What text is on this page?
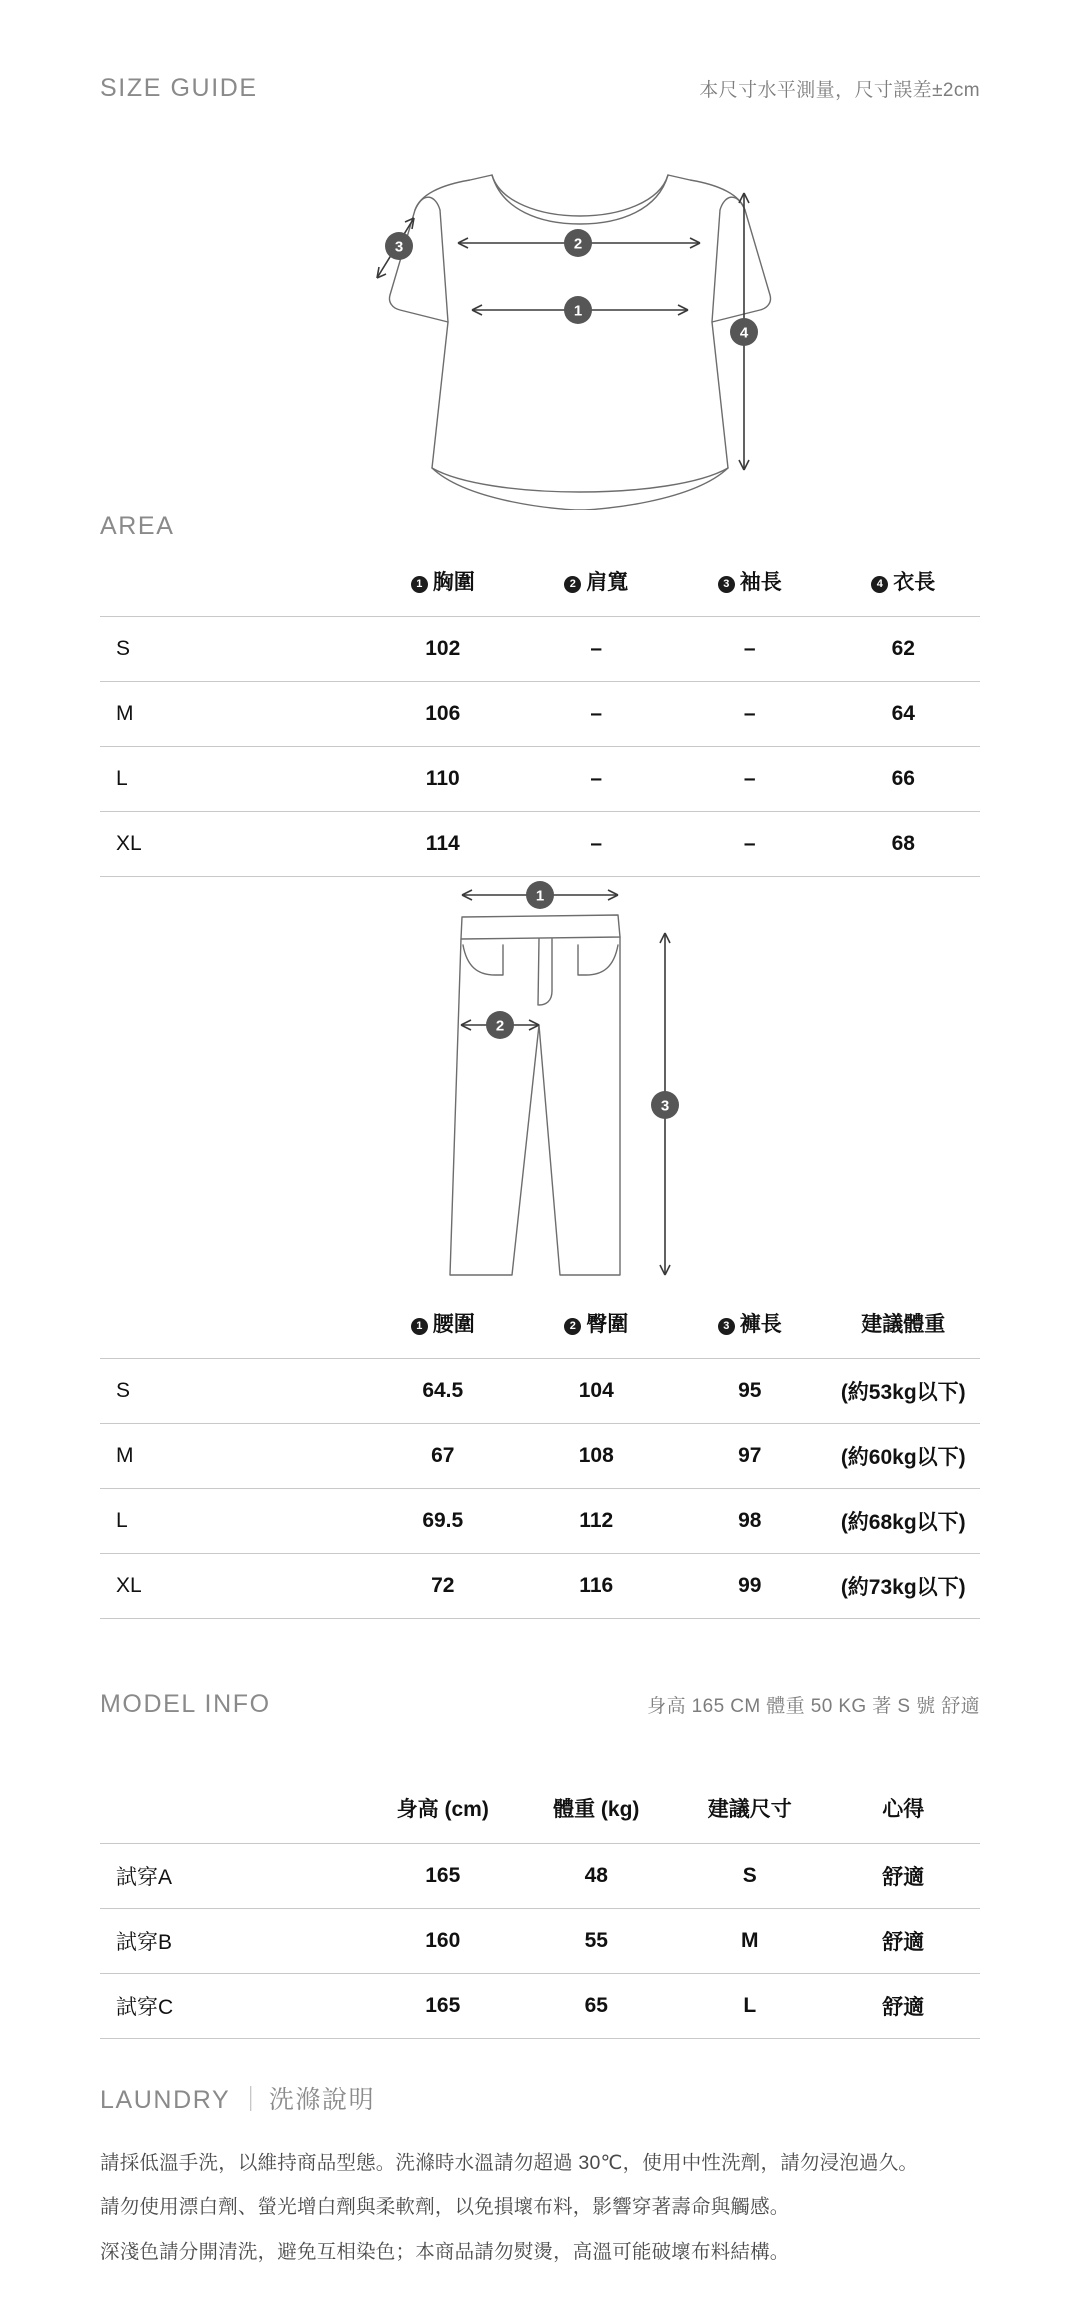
SIZE GUIDE	本尺寸水平測量，尺寸誤差±2cm
2
1
3
4
AREA
	1 胸圍	2 肩寬	3 袖長	4 衣長
S	102	–	–	62
M	106	–	–	64
L	110	–	–	66
XL	114	–	–	68
1
2
3
	1 腰圍	2 臀圍	3 褲長	建議體重
S	64.5	104	95	(約53kg以下)
M	67	108	97	(約60kg以下)
L	69.5	112	98	(約68kg以下)
XL	72	116	99	(約73kg以下)
MODEL INFO	身高 165 CM 體重 50 KG 著 S 號 舒適
	身高 (cm)	體重 (kg)	建議尺寸	心得
試穿A	165	48	S	舒適
試穿B	160	55	M	舒適
試穿C	165	65	L	舒適
LAUNDRY ｜ 洗滌說明

請採低溫手洗，以維持商品型態。洗滌時水溫請勿超過 30℃，使用中性洗劑，請勿浸泡過久。

請勿使用漂白劑、螢光增白劑與柔軟劑，以免損壞布料，影響穿著壽命與觸感。

深淺色請分開清洗，避免互相染色；本商品請勿熨燙，高溫可能破壞布料結構。
